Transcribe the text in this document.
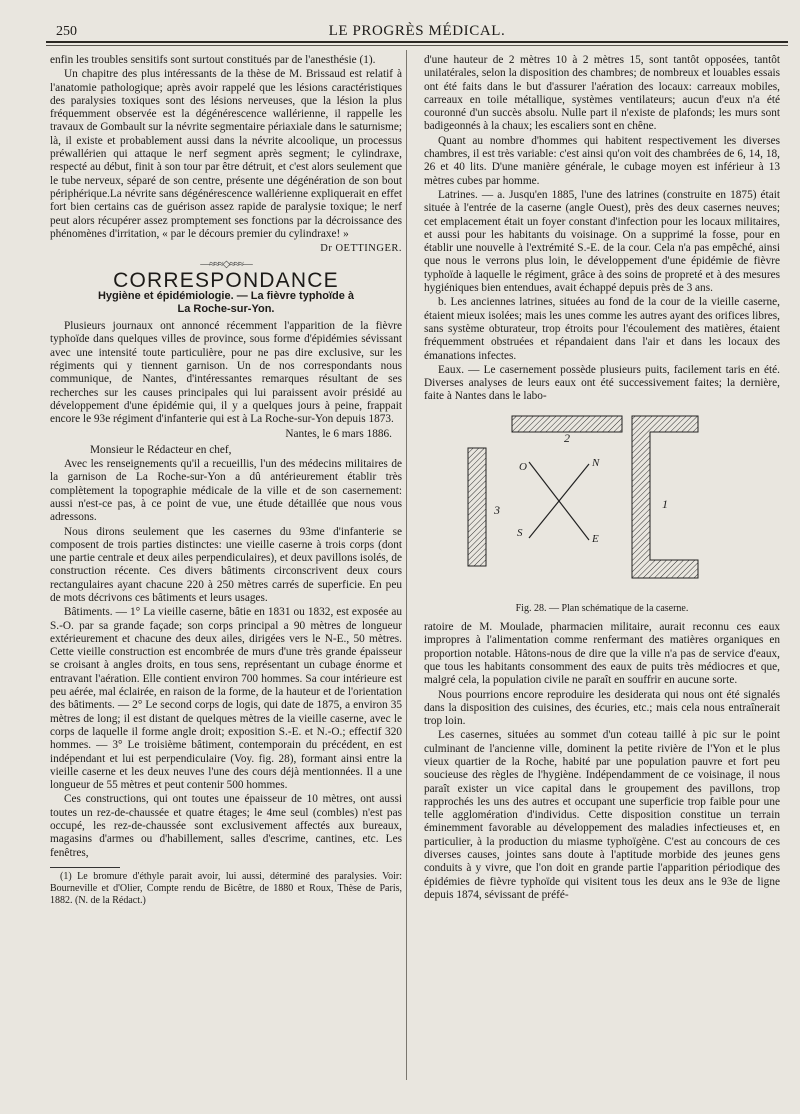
250	LE PROGRÈS MÉDICAL.

enfin les troubles sensitifs sont surtout constitués par de l'anesthésie (1).

Un chapitre des plus intéressants de la thèse de M. Brissaud est relatif à l'anatomie pathologique; après avoir rappelé que les lésions caractéristiques des paralysies toxiques sont des lésions nerveuses, que la lésion la plus fréquemment observée est la dégénérescence wallérienne, il rappelle les travaux de Gombault sur la névrite segmentaire périaxiale dans le saturnisme; là, il existe et probablement aussi dans la névrite alcoolique, un processus préwallérien qui attaque le nerf segment après segment; le cylindraxe, respecté au début, finit à son tour par être détruit, et c'est alors seulement que le tube nerveux, séparé de son centre, présente une dégénération de son bout périphérique.La névrite sans dégénérescence wallérienne expliquerait en effet fort bien certains cas de guérison assez rapide de paralysie toxique; le nerf peut alors récupérer assez promptement ses fonctions par la décroissance des phénomènes d'irritation, « par le décours premier du cylindraxe! »

Dr OETTINGER.
—≈≈≈◇≈≈≈—
CORRESPONDANCE
Hygiène et épidémiologie. — La fièvre typhoïde à
La Roche-sur-Yon.

Plusieurs journaux ont annoncé récemment l'apparition de la fièvre typhoïde dans quelques villes de province, sous forme d'épidémies sévissant avec une intensité toute particulière, pour ne pas dire exclusive, sur les régiments qui y tiennent garnison. Un de nos correspondants nous communique, de Nantes, d'intéressantes remarques résultant de ses recherches sur les causes principales qui lui paraissent avoir présidé au développement d'une épidémie qui, il y a quelques jours à peine, frappait encore le 93e régiment d'infanterie qui est à La Roche-sur-Yon depuis 1873.

Nantes, le 6 mars 1886.

Monsieur le Rédacteur en chef,

Avec les renseignements qu'il a recueillis, l'un des médecins militaires de la garnison de La Roche-sur-Yon a dû antérieurement établir très complètement la topographie médicale de la ville et de son casernement: aussi n'est-ce pas, à ce point de vue, une étude détaillée que nous vous adressons.

Nous dirons seulement que les casernes du 93me d'infanterie se composent de trois parties distinctes: une vieille caserne à trois corps (dont une partie centrale et deux ailes perpendiculaires), et deux pavillons isolés, de construction récente. Ces divers bâtiments circonscrivent deux cours rectangulaires ayant chacune 220 à 250 mètres carrés de superficie. En peu de mots décrivons ces bâtiments et leurs usages.

Bâtiments. — 1° La vieille caserne, bâtie en 1831 ou 1832, est exposée au S.-O. par sa grande façade; son corps principal a 90 mètres de longueur extérieurement et chacune des deux ailes, dirigées vers le N-E., 50 mètres. Cette vieille construction est encombrée de murs d'une très grande épaisseur se croisant à angles droits, en tous sens, représentant un cubage énorme et entravant l'aération. Elle contient environ 700 hommes. Sa cour intérieure est peu aérée, mal éclairée, en raison de la forme, de la hauteur et de l'orientation des bâtiments. — 2° Le second corps de logis, qui date de 1875, a environ 35 mètres de long; il est distant de quelques mètres de la vieille caserne, avec le corps de laquelle il forme angle droit; exposition S.-E. et N.-O.; effectif 320 hommes. — 3° Le troisième bâtiment, contemporain du précédent, en est indépendant et lui est perpendiculaire (Voy. fig. 28), formant ainsi entre la vieille caserne et les deux neuves l'une des cours déjà mentionnées. Il a une longueur de 55 mètres et peut contenir 500 hommes.

Ces constructions, qui ont toutes une épaisseur de 10 mètres, ont aussi toutes un rez-de-chaussée et quatre étages; le 4me seul (combles) n'est pas occupé, les rez-de-chaussée sont exclusivement affectés aux bureaux, magasins d'armes ou d'habillement, salles d'escrime, cantines, etc. Les fenêtres,

(1) Le bromure d'éthyle parait avoir, lui aussi, déterminé des paralysies. Voir: Bourneville et d'Olier, Compte rendu de Bicêtre, de 1880 et Roux, Thèse de Paris, 1882. (N. de la Rédact.)

d'une hauteur de 2 mètres 10 à 2 mètres 15, sont tantôt opposées, tantôt unilatérales, selon la disposition des chambres; de nombreux et louables essais ont été faits dans le but d'assurer l'aération des locaux: carreaux mobiles, carreaux en toile métallique, systèmes ventilateurs; aucun d'eux n'a été couronné d'un succès absolu. Nulle part il n'existe de plafonds; les murs sont badigeonnés à la chaux; les escaliers sont en chêne.

Quant au nombre d'hommes qui habitent respectivement les diverses chambres, il est très variable: c'est ainsi qu'on voit des chambrées de 6, 14, 18, 26 et 40 lits. D'une manière générale, le cubage moyen est inférieur à 13 mètres cubes par homme.

Latrines. — a. Jusqu'en 1885, l'une des latrines (construite en 1875) était située à l'entrée de la caserne (angle Ouest), près des deux casernes neuves; cet emplacement était un foyer constant d'infection pour les locaux militaires, et aussi pour les habitants du voisinage. On a supprimé la fosse, pour en établir une nouvelle à l'extrémité S.-E. de la cour. Cela n'a pas empêché, ainsi que nous le verrons plus loin, le développement d'une épidémie de fièvre typhoïde à laquelle le régiment, grâce à des soins de propreté et à des mesures hygiéniques bien entendues, avait échappé depuis près de 3 ans.

b. Les anciennes latrines, situées au fond de la cour de la vieille caserne, étaient mieux isolées; mais les unes comme les autres ayant des orifices libres, sans système obturateur, trop étroits pour l'écoulement des matières, étaient fréquemment obstruées et répandaient dans l'air et dans les locaux des émanations infectes.

Eaux. — Le casernement possède plusieurs puits, facilement taris en été. Diverses analyses de leurs eaux ont été successivement faites; la dernière, faite à Nantes dans le labo-

2
3	1
N
S
O
E
Fig. 28. — Plan schématique de la caserne.

ratoire de M. Moulade, pharmacien militaire, aurait reconnu ces eaux impropres à l'alimentation comme renfermant des matières organiques en proportion notable. Hâtons-nous de dire que la ville n'a pas de service d'eaux, que tous les habitants consomment des eaux de puits très médiocres et que, malgré cela, la population civile ne paraît en souffrir en aucune sorte.

Nous pourrions encore reproduire les desiderata qui nous ont été signalés dans la disposition des cuisines, des écuries, etc.; mais cela nous entraînerait trop loin.

Les casernes, situées au sommet d'un coteau taillé à pic sur le point culminant de l'ancienne ville, dominent la petite rivière de l'Yon et le plus vieux quartier de la Roche, habité par une population pauvre et fort peu soucieuse des règles de l'hygiène. Indépendamment de ce voisinage, il nous paraît exister un vice capital dans le groupement des pavillons, trop rapprochés les uns des autres et occupant une superficie trop faible pour une telle agglomération d'individus. Cette disposition constitue un terrain éminemment favorable au développement des maladies infectieuses et, en particulier, à la production du miasme typhoïgène. C'est au concours de ces diverses causes, jointes sans doute à l'aptitude morbide des jeunes gens conduits à y vivre, que l'on doit en grande partie l'apparition périodique des épidémies de fièvre typhoïde qui visitent tous les deux ans le 93e de ligne depuis 1874, sévissant de préfé-
